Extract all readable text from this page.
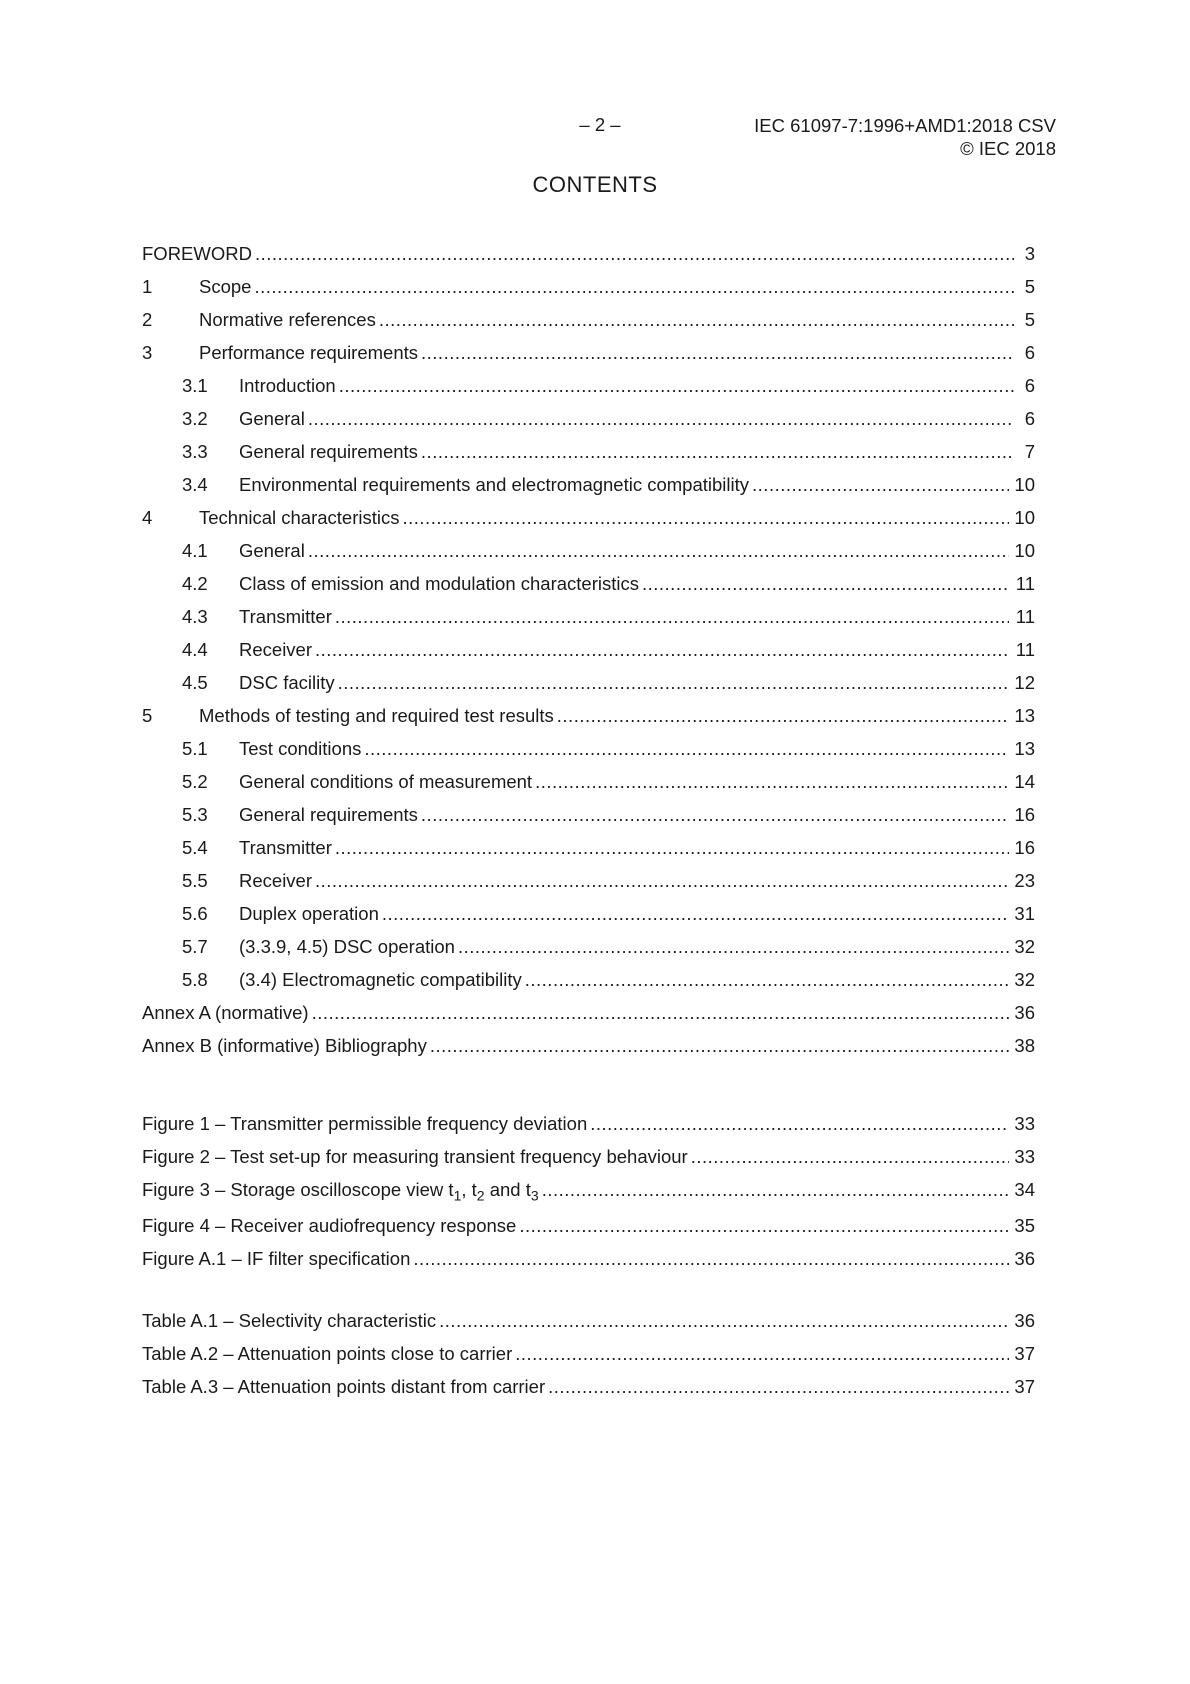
– 2 –	IEC 61097-7:1996+AMD1:2018 CSV
© IEC 2018
CONTENTS
FOREWORD .....	3
1	Scope .....	5
2	Normative references .....	5
3	Performance requirements .....	6
3.1	Introduction .....	6
3.2	General .....	6
3.3	General requirements .....	7
3.4	Environmental requirements and electromagnetic compatibility .....	10
4	Technical characteristics .....	10
4.1	General .....	10
4.2	Class of emission and modulation characteristics .....	11
4.3	Transmitter .....	11
4.4	Receiver .....	11
4.5	DSC facility .....	12
5	Methods of testing and required test results .....	13
5.1	Test conditions .....	13
5.2	General conditions of measurement .....	14
5.3	General requirements .....	16
5.4	Transmitter .....	16
5.5	Receiver .....	23
5.6	Duplex operation .....	31
5.7	(3.3.9, 4.5) DSC operation .....	32
5.8	(3.4) Electromagnetic compatibility .....	32
Annex A (normative) .....	36
Annex B (informative) Bibliography .....	38
Figure 1 – Transmitter permissible frequency deviation .....	33
Figure 2 – Test set-up for measuring transient frequency behaviour .....	33
Figure 3 – Storage oscilloscope view $t_1$, $t_2$ and $t_3$ .....	34
Figure 4 – Receiver audiofrequency response .....	35
Figure A.1 – IF filter specification .....	36
Table A.1 – Selectivity characteristic .....	36
Table A.2 – Attenuation points close to carrier .....	37
Table A.3 – Attenuation points distant from carrier .....	37
